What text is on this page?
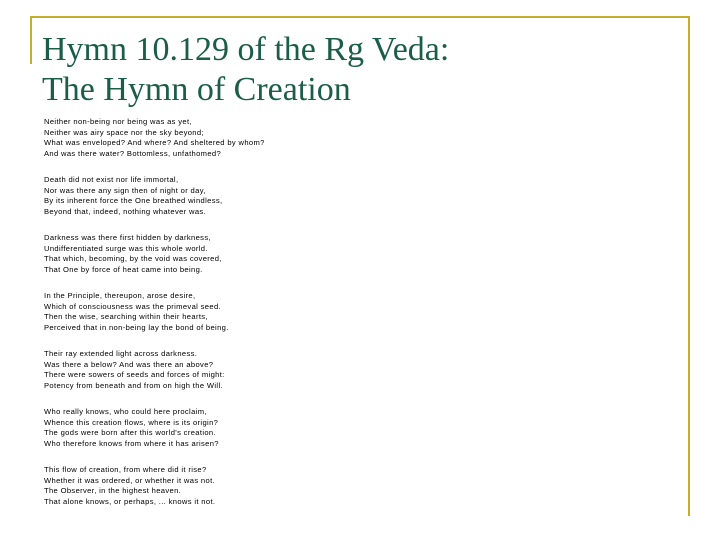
Hymn 10.129 of the Rg Veda:
The Hymn of Creation
Neither non-being nor being was as yet,
Neither was airy space nor the sky beyond;
What was enveloped? And where? And sheltered by whom?
And was there water? Bottomless, unfathomed?
Death did not exist nor life immortal,
Nor was there any sign then of night or day,
By its inherent force the One breathed windless,
Beyond that, indeed, nothing whatever was.
Darkness was there first hidden by darkness,
Undifferentiated surge was this whole world.
That which, becoming, by the void was covered,
That One by force of heat came into being.
In the Principle, thereupon, arose desire,
Which of consciousness was the primeval seed.
Then the wise, searching within their hearts,
Perceived that in non-being lay the bond of being.
Their ray extended light across darkness.
Was there a below? And was there an above?
There were sowers of seeds and forces of might:
Potency from beneath and from on high the Will.
Who really knows, who could here proclaim,
Whence this creation flows, where is its origin?
The gods were born after this world's creation.
Who therefore knows from where it has arisen?
This flow of creation, from where did it rise?
Whether it was ordered, or whether it was not.
The Observer, in the highest heaven.
That alone knows, or perhaps, ... knows it not.
